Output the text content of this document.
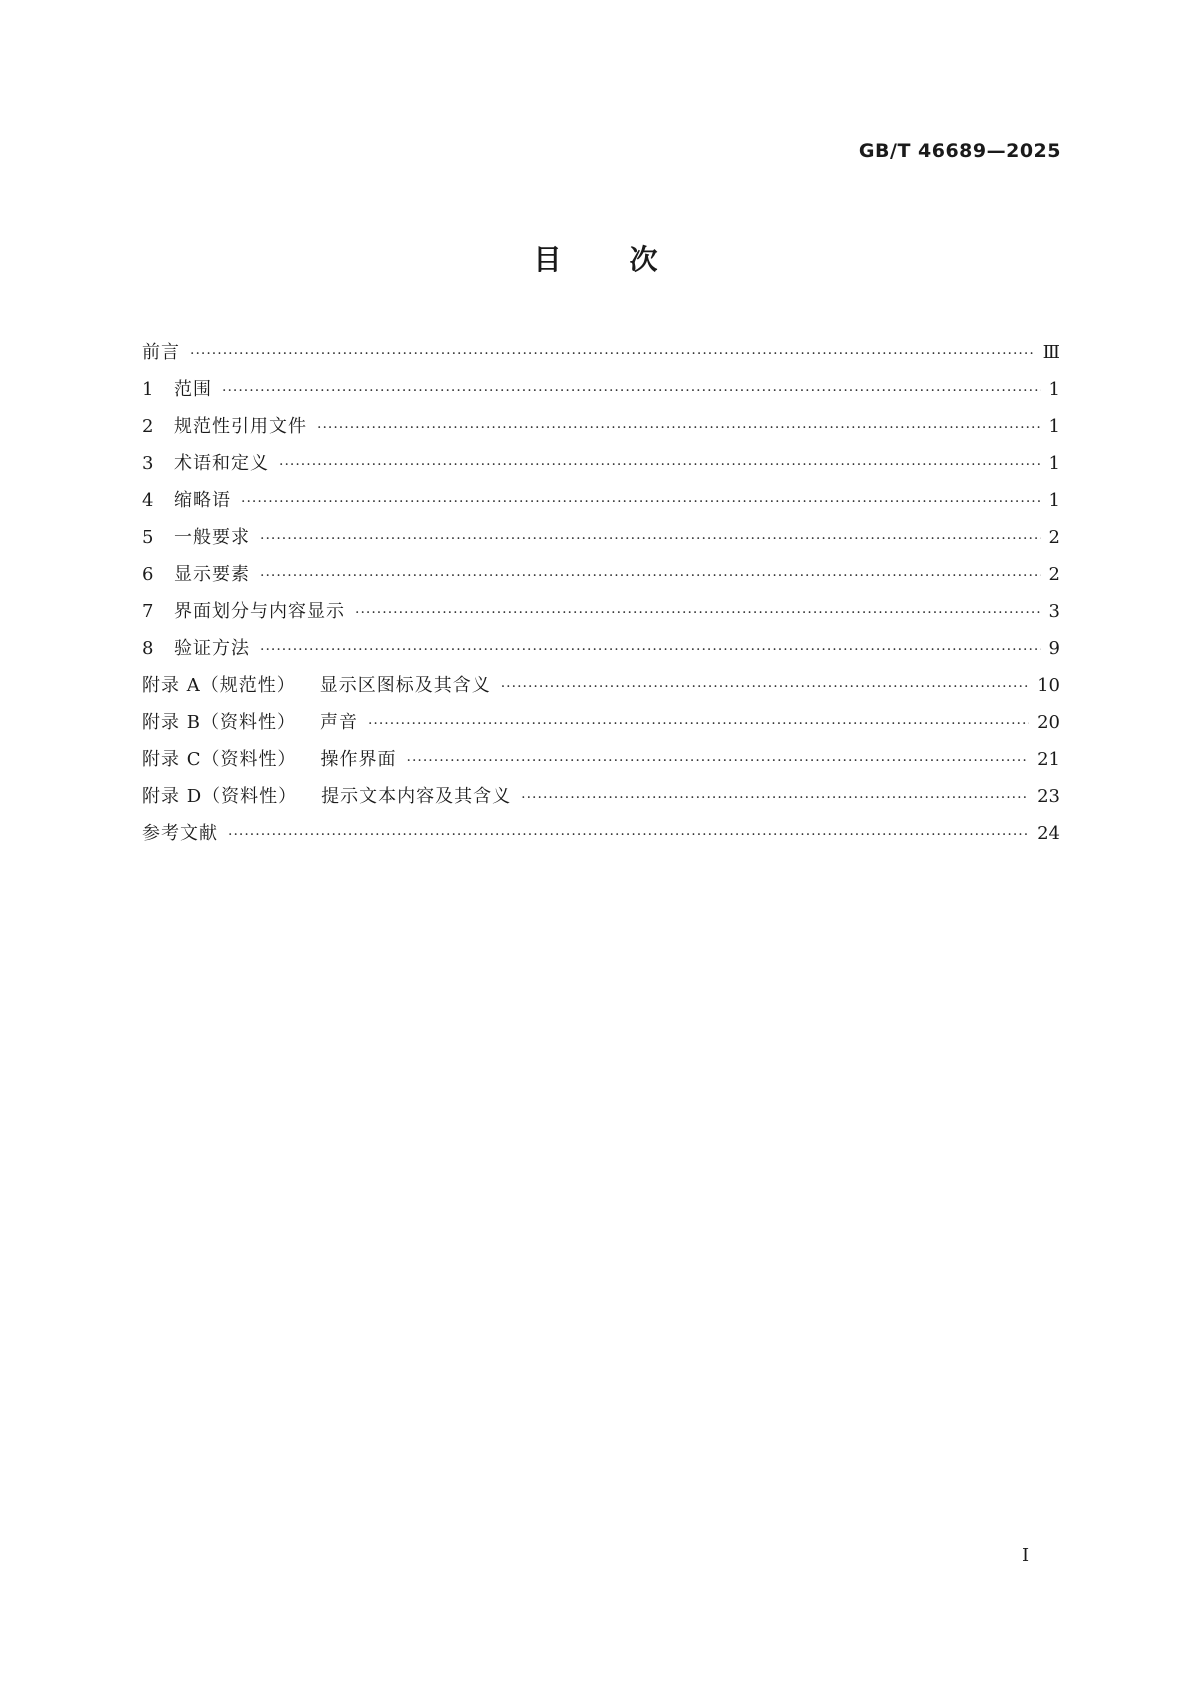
GB/T 46689—2025
目 次
前言 ·····	Ⅲ
1	范围 ·····	1
2	规范性引用文件 ·····	1
3	术语和定义 ·····	1
4	缩略语 ·····	1
5	一般要求 ·····	2
6	显示要素 ·····	2
7	界面划分与内容显示 ·····	3
8	验证方法 ·····	9
附录 A（规范性） 显示区图标及其含义 ·····	10
附录 B（资料性） 声音 ·····	20
附录 C（资料性） 操作界面 ·····	21
附录 D（资料性） 提示文本内容及其含义 ·····	23
参考文献 ·····	24
I
